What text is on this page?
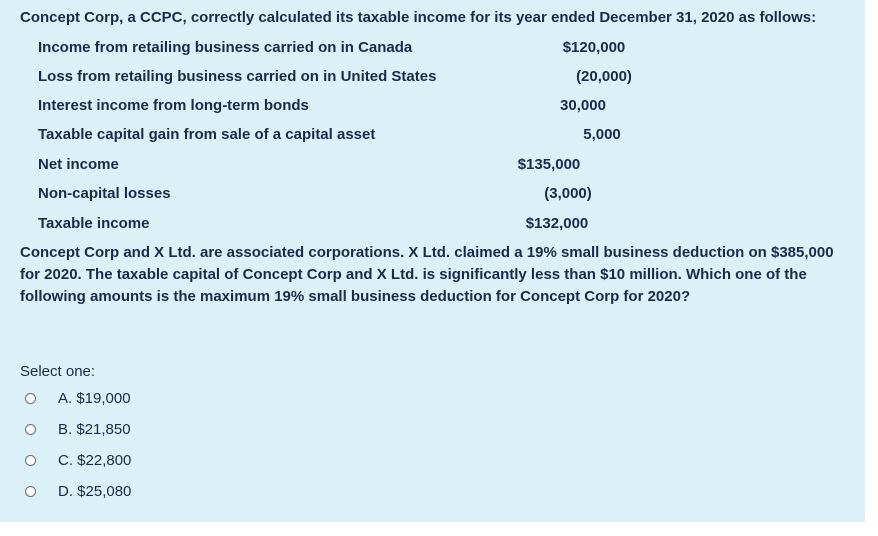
Concept Corp, a CCPC, correctly calculated its taxable income for its year ended December 31, 2020 as follows:
Income from retailing business carried on in Canada	$120,000
Loss from retailing business carried on in United States	(20,000)
Interest income from long-term bonds	30,000
Taxable capital gain from sale of a capital asset	5,000
Net income	$135,000
Non-capital losses	(3,000)
Taxable income	$132,000
Concept Corp and X Ltd. are associated corporations. X Ltd. claimed a 19% small business deduction on $385,000 for 2020. The taxable capital of Concept Corp and X Ltd. is significantly less than $10 million. Which one of the following amounts is the maximum 19% small business deduction for Concept Corp for 2020?
Select one:
A. $19,000
B. $21,850
C. $22,800
D. $25,080
